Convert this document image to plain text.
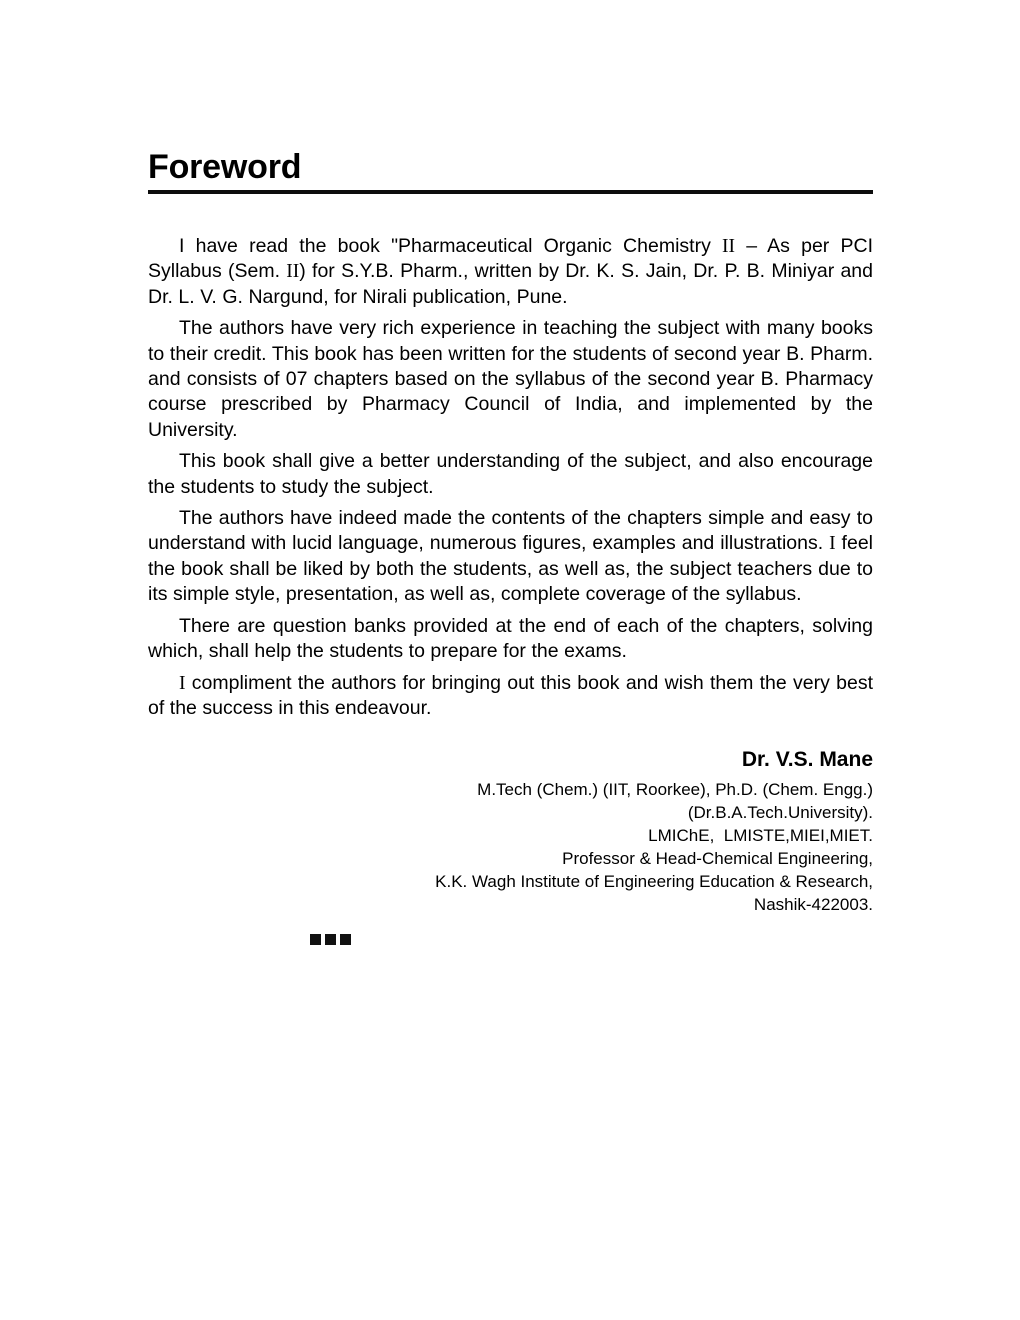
Foreword

I have read the book "Pharmaceutical Organic Chemistry II – As per PCI Syllabus (Sem. II) for S.Y.B. Pharm., written by Dr. K. S. Jain, Dr. P. B. Miniyar and Dr. L. V. G. Nargund, for Nirali publication, Pune.

The authors have very rich experience in teaching the subject with many books to their credit. This book has been written for the students of second year B. Pharm. and consists of 07 chapters based on the syllabus of the second year B. Pharmacy course prescribed by Pharmacy Council of India, and implemented by the University.

This book shall give a better understanding of the subject, and also encourage the students to study the subject.

The authors have indeed made the contents of the chapters simple and easy to understand with lucid language, numerous figures, examples and illustrations. I feel the book shall be liked by both the students, as well as, the subject teachers due to its simple style, presentation, as well as, complete coverage of the syllabus.

There are question banks provided at the end of each of the chapters, solving which, shall help the students to prepare for the exams.

I compliment the authors for bringing out this book and wish them the very best of the success in this endeavour.

Dr. V.S. Mane
M.Tech (Chem.) (IIT, Roorkee), Ph.D. (Chem. Engg.)
(Dr.B.A.Tech.University).
LMIChE,  LMISTE,MIEI,MIET.
Professor & Head-Chemical Engineering,
K.K. Wagh Institute of Engineering Education & Research,
Nashik-422003.
